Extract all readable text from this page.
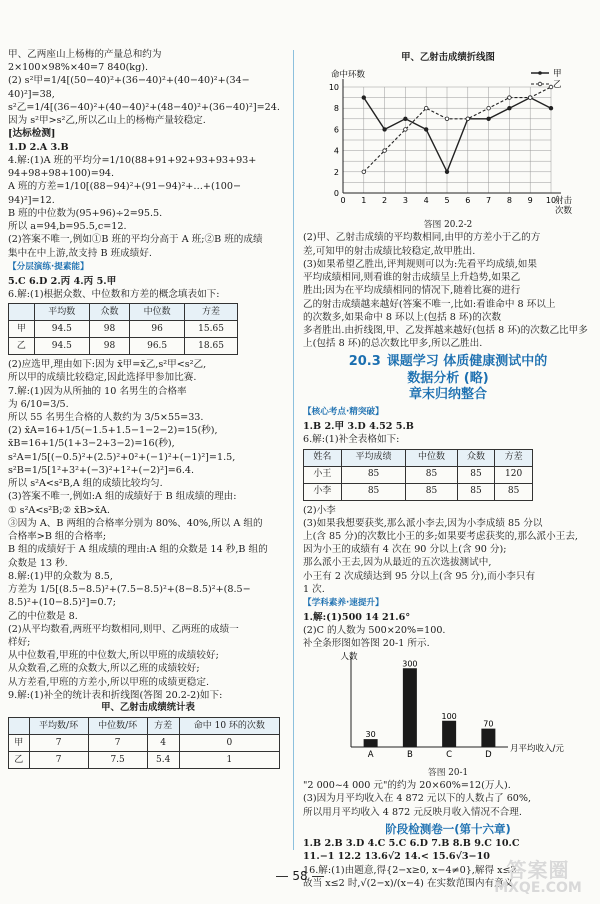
甲、乙两座山上杨梅的产量总和约为
2×100×98%×40=7 840(kg).
(2) s²甲=1/4[(50−40)²+(36−40)²+(40−40)²+(34−
40)²]=38,
s²乙=1/4[(36−40)²+(40−40)²+(48−40)²+(36−40)²]=24.
因为 s²甲>s²乙,所以乙山上的杨梅产量较稳定.
[达标检测]
1.D 2.A 3.B
4.解:(1)A 班的平均分=1/10(88+91+92+93+93+93+
94+98+98+100)=94.
A 班的方差=1/10[(88−94)²+(91−94)²+…+(100−
94)²]=12.
B 班的中位数为(95+96)÷2=95.5.
所以 a=94,b=95.5,c=12.
(2)答案不唯一,例如①B 班的平均分高于 A 班;②B 班的成绩
集中在中上游,故支持 B 班成绩好.
【分层演练·提素能】
5.C 6.D 2.丙 4.丙 5.甲
6.解:(1)根据众数、中位数和方差的概念填表如下:
	平均数	众数	中位数	方差
甲	94.5	98	96	15.65
乙	94.5	98	96.5	18.65
(2)应选甲,理由如下:因为 x̄甲=x̄乙,s²甲<s²乙,
所以甲的成绩比较稳定,因此选择甲参加比赛.
7.解:(1)因为从所抽的 10 名男生的合格率
为 6/10=3/5.
所以 55 名男生合格的人数约为 3/5×55=33.
(2) x̄A=16+1/5(−1.5+1.5−1−2−2)=15(秒),
x̄B=16+1/5(1+3−2+3−2)=16(秒),
s²A=1/5[(−0.5)²+(2.5)²+0²+(−1)²+(−1)²]=1.5,
s²B=1/5[1²+3²+(−3)²+1²+(−2)²]=6.4.
所以 s²A<s²B,A 组的成绩比较均匀.
(3)答案不唯一,例如:A 组的成绩好于 B 组成绩的理由:
① s²A<s²B;② x̄B>x̄A.
③因为 A、B 两组的合格率分别为 80%、40%,所以 A 组的
合格率>B 组的合格率;
B 组的成绩好于 A 组成绩的理由:A 组的众数是 14 秒,B 组的
众数是 13 秒.
8.解:(1)甲的众数为 8.5,
方差为 1/5[(8.5−8.5)²+(7.5−8.5)²+(8−8.5)²+(8.5−
8.5)²+(10−8.5)²]=0.7;
乙的中位数是 8.
(2)从平均数看,两班平均数相同,则甲、乙两班的成绩一
样好;
从中位数看,甲班的中位数大,所以甲班的成绩较好;
从众数看,乙班的众数大,所以乙班的成绩较好;
从方差看,甲班的方差小,所以甲班的成绩更稳定.
9.解:(1)补全的统计表和折线图(答图 20.2-2)如下:
甲、乙射击成绩统计表
	平均数/环	中位数/环	方差	命中 10 环的次数
甲	7	7	4	0
乙	7	7.5	5.4	1
甲、乙射击成绩折线图
0 1 2 3 4 5 6 7 8 9 10
0
2
4
6
8
10
命中环数
射击
次数
甲
乙
答图 20.2-2
(2)甲、乙射击成绩的平均数相同,由甲的方差小于乙的方
差,可知甲的射击成绩比较稳定,故甲胜出.
(3)如果希望乙胜出,评判规则可以为:先看平均成绩,如果
平均成绩相同,则看谁的射击成绩呈上升趋势,如果乙
胜出;因为在平均成绩相同的情况下,随着比赛的进行
乙的射击成绩越来越好(答案不唯一,比如:看谁命中 8 环以上
的次数多,如果命中 8 环以上(包括 8 环)的次数
多者胜出.由折线图,甲、乙发挥越来越好(包括 8 环)的次数乙比甲多
上(包括 8 环)的总次数比甲多,所以乙胜出.
20.3 课题学习 体质健康测试中的
数据分析 (略)
章末归纳整合
【核心考点·精突破】
1.B 2.甲 3.D 4.52 5.B
6.解:(1)补全表格如下:
姓名	平均成绩	中位数	众数	方差
小王	85	85	85	120
小李	85	85	85	85
(2)小李
(3)如果我想要获奖,那么派小李去,因为小李成绩 85 分以
上(含 85 分)的次数比小王的多;如果要考虑获奖的,那么派小王去,
因为小王的成绩有 4 次在 90 分以上(含 90 分);
那么派小王去,因为从最近的五次选拔测试中,
小王有 2 次成绩达到 95 分以上(含 95 分),而小李只有
1 次.
【学科素养·速提升】
1.解:(1)500 14 21.6°
(2)C 的人数为 500×20%=100.
补全条形图如答图 20-1 所示.
人数
月平均收入/元
30
A
300
B
100
C
70
D
答图 20-1
"2 000~4 000 元"的约为 20×60%=12(万人).
(3)因为月平均收入在 4 872 元以下的人数占了 60%,
所以用月平均收入 4 872 元反映月收入情况不合理.
阶段检测卷一(第十六章)
1.B 2.B 3.D 4.C 5.C 6.D 7.B 8.B 9.C 10.C
11.−1 12.2 13.6√2 14.< 15.6√3−10
16.解:(1)由题意,得{2−x≥0, x−4≠0},解得 x≤2.
故当 x≤2 时,√(2−x)/(x−4) 在实数范围内有意义.
58	答案圈
MXQE.COM
